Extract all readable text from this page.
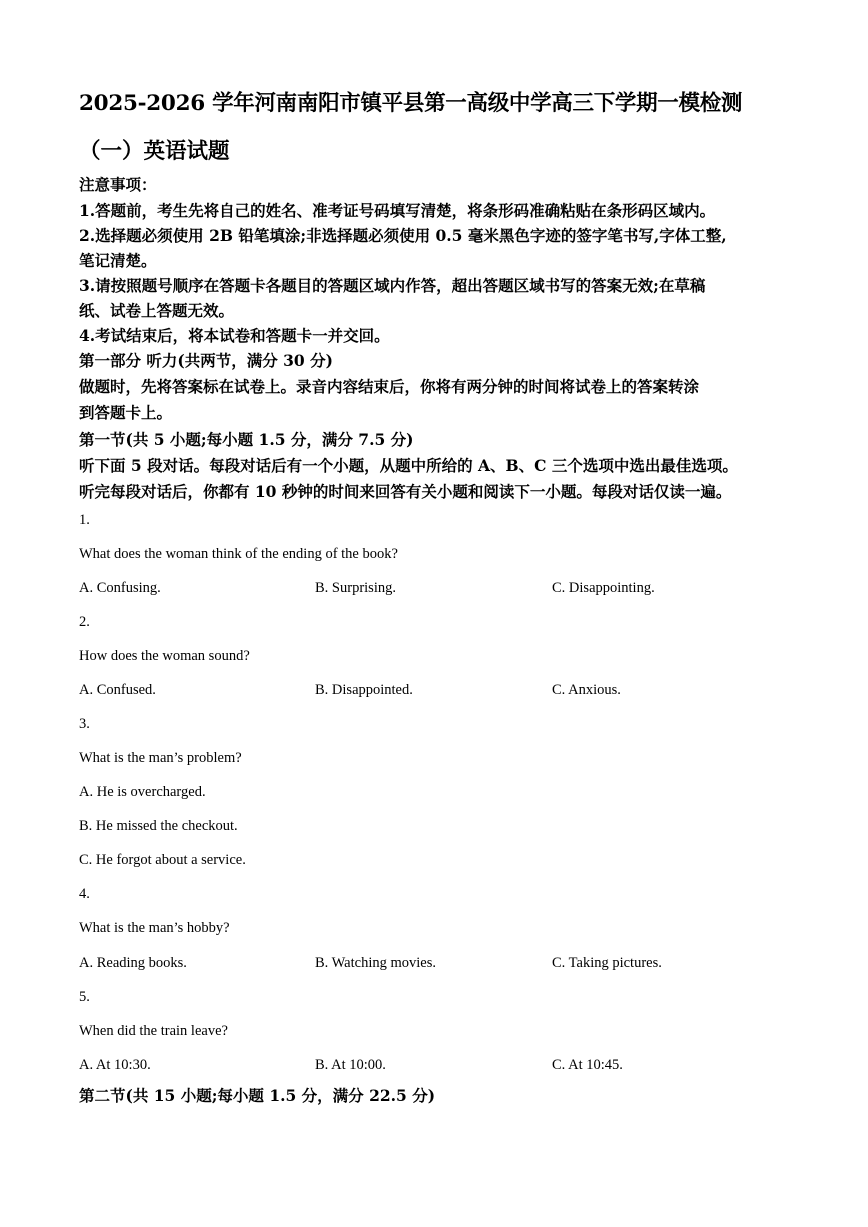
2025-2026 学年河南南阳市镇平县第一高级中学高三下学期一模检测
（一）英语试题
注意事项：
1.答题前，考生先将自己的姓名、准考证号码填写清楚，将条形码准确粘贴在条形码区域内。
2.选择题必须使用 2B 铅笔填涂;非选择题必须使用 0.5 毫米黑色字迹的签字笔书写,字体工整,
笔记清楚。
3.请按照题号顺序在答题卡各题目的答题区域内作答，超出答题区域书写的答案无效;在草稿
纸、试卷上答题无效。
4.考试结束后，将本试卷和答题卡一并交回。
第一部分 听力(共两节，满分 30 分)
做题时，先将答案标在试卷上。录音内容结束后，你将有两分钟的时间将试卷上的答案转涂
到答题卡上。
第一节(共 5 小题;每小题 1.5 分，满分 7.5 分)
听下面 5 段对话。每段对话后有一个小题，从题中所给的 A、B、C 三个选项中选出最佳选项。
听完每段对话后，你都有 10 秒钟的时间来回答有关小题和阅读下一小题。每段对话仅读一遍。
1.
What does the woman think of the ending of the book?
A. Confusing.	B. Surprising.	C. Disappointing.
2.
How does the woman sound?
A. Confused.	B. Disappointed.	C. Anxious.
3.
What is the man’s problem?
A. He is overcharged.
B. He missed the checkout.
C. He forgot about a service.
4.
What is the man’s hobby?
A. Reading books.	B. Watching movies.	C. Taking pictures.
5.
When did the train leave?
A. At 10:30.	B. At 10:00.	C. At 10:45.
第二节(共 15 小题;每小题 1.5 分，满分 22.5 分)
